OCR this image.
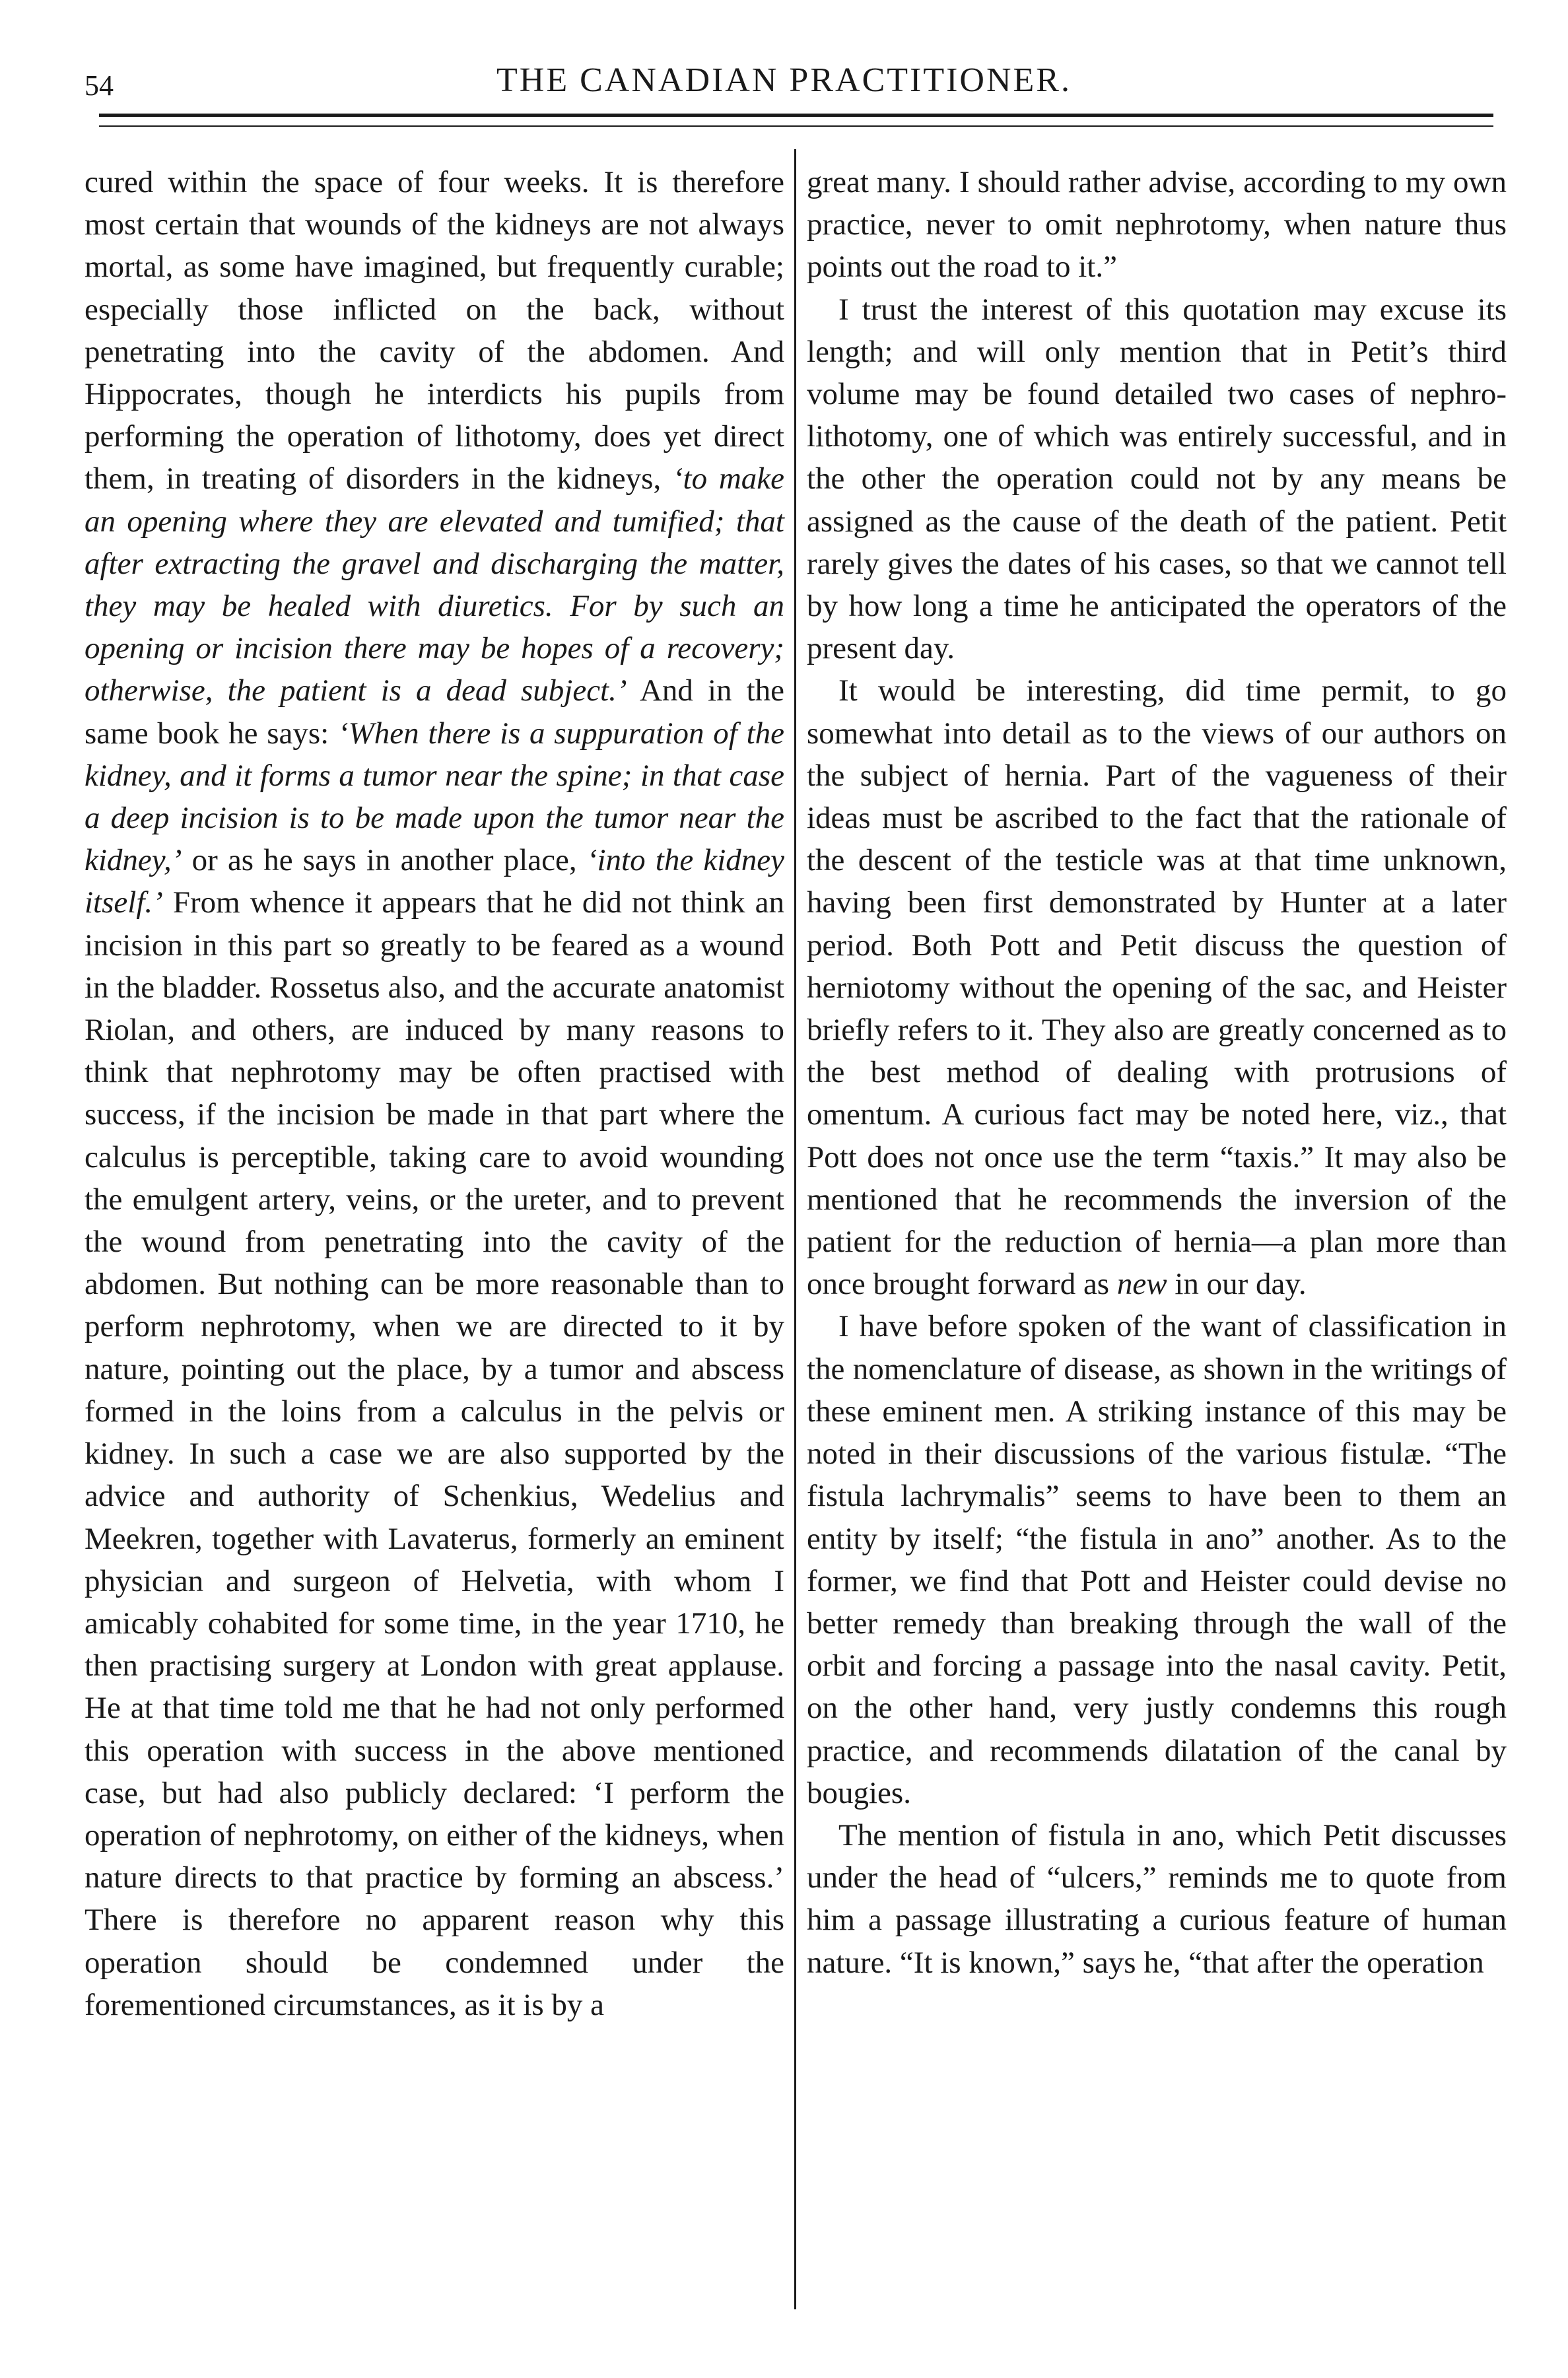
54	THE CANADIAN PRACTITIONER.

cured within the space of four weeks. It is therefore most certain that wounds of the kidneys are not always mortal, as some have imagined, but frequently curable; especially those inflicted on the back, without penetrating into the cavity of the abdomen. And Hippocrates, though he interdicts his pupils from performing the operation of lithotomy, does yet direct them, in treating of disorders in the kidneys, ‘to make an opening where they are elevated and tumified; that after extracting the gravel and discharging the matter, they may be healed with diuretics. For by such an opening or incision there may be hopes of a recovery; otherwise, the patient is a dead subject.’ And in the same book he says: ‘When there is a suppuration of the kidney, and it forms a tumor near the spine; in that case a deep incision is to be made upon the tumor near the kidney,’ or as he says in another place, ‘into the kidney itself.’ From whence it appears that he did not think an incision in this part so greatly to be feared as a wound in the bladder. Rossetus also, and the accurate anatomist Riolan, and others, are induced by many reasons to think that nephrotomy may be often practised with success, if the incision be made in that part where the calculus is perceptible, taking care to avoid wounding the emulgent artery, veins, or the ureter, and to prevent the wound from penetrating into the cavity of the abdomen. But nothing can be more reasonable than to perform nephrotomy, when we are directed to it by nature, pointing out the place, by a tumor and abscess formed in the loins from a calculus in the pelvis or kidney. In such a case we are also supported by the advice and authority of Schenkius, Wedelius and Meekren, together with Lavaterus, formerly an eminent physician and surgeon of Helvetia, with whom I amicably cohabited for some time, in the year 1710, he then practising surgery at London with great applause. He at that time told me that he had not only performed this operation with success in the above mentioned case, but had also publicly declared: ‘I perform the operation of nephrotomy, on either of the kidneys, when nature directs to that practice by forming an abscess.’ There is therefore no apparent reason why this operation should be condemned under the forementioned circumstances, as it is by a

great many. I should rather advise, according to my own practice, never to omit nephrotomy, when nature thus points out the road to it.”

I trust the interest of this quotation may excuse its length; and will only mention that in Petit’s third volume may be found detailed two cases of nephro-lithotomy, one of which was entirely successful, and in the other the operation could not by any means be assigned as the cause of the death of the patient. Petit rarely gives the dates of his cases, so that we cannot tell by how long a time he anticipated the operators of the present day.

It would be interesting, did time permit, to go somewhat into detail as to the views of our authors on the subject of hernia. Part of the vagueness of their ideas must be ascribed to the fact that the rationale of the descent of the testicle was at that time unknown, having been first demonstrated by Hunter at a later period. Both Pott and Petit discuss the question of herniotomy without the opening of the sac, and Heister briefly refers to it. They also are greatly concerned as to the best method of dealing with protrusions of omentum. A curious fact may be noted here, viz., that Pott does not once use the term “taxis.” It may also be mentioned that he recommends the inversion of the patient for the reduction of hernia—a plan more than once brought forward as new in our day.

I have before spoken of the want of classification in the nomenclature of disease, as shown in the writings of these eminent men. A striking instance of this may be noted in their discussions of the various fistulæ. “The fistula lachrymalis” seems to have been to them an entity by itself; “the fistula in ano” another. As to the former, we find that Pott and Heister could devise no better remedy than breaking through the wall of the orbit and forcing a passage into the nasal cavity. Petit, on the other hand, very justly condemns this rough practice, and recommends dilatation of the canal by bougies.

The mention of fistula in ano, which Petit discusses under the head of “ulcers,” reminds me to quote from him a passage illustrating a curious feature of human nature. “It is known,” says he, “that after the operation
